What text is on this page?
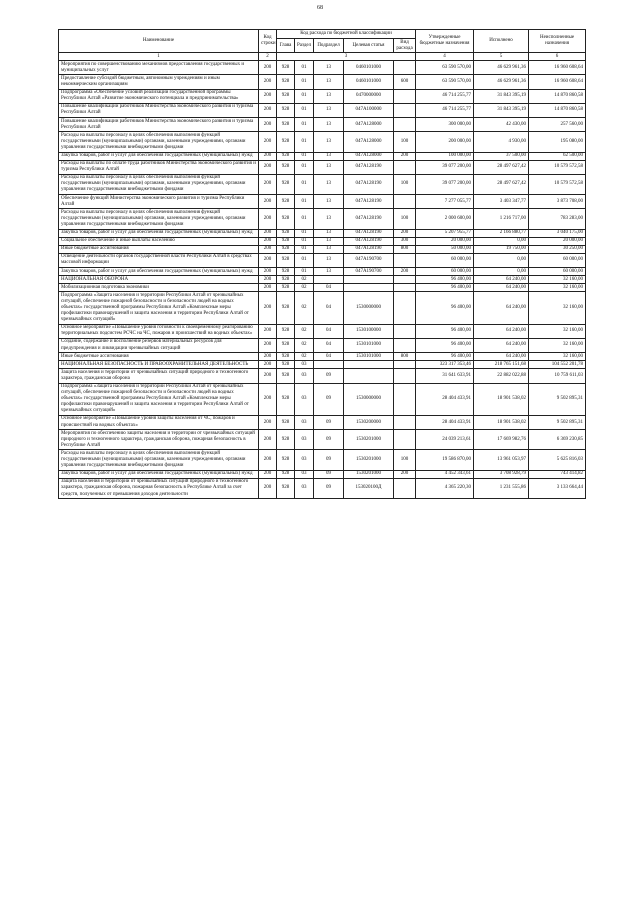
68
Наименование	Код строки	Код расхода по бюджетной классификации					Утвержденные бюджетные назначения	Исполнено	Неисполненные назначения
		Глава	Раздел	Подраздел	Целевая статья	Вид расхода			
1	2	3					4	5	6
Мероприятия по совершенствованию механизмов предоставления государственных и муниципальных услуг	200	928	01	13	0460101000		63 590 570,00	46 629 961,36	16 960 608,64
Предоставление субсидий бюджетным, автономным учреждениям и иным некоммерческим организациям	200	928	01	13	0460101000	600	63 590 570,00	46 629 961,36	16 960 608,64
Подпрограмма «Обеспечение условий реализации государственной программы Республики Алтай «Развитие экономического потенциала и предпринимательства»	200	928	01	13	0470000000		46 714 255,77	31 843 395,19	14 870 860,58
Повышение квалификации работников Министерства экономического развития и туризма Республики Алтай	200	928	01	13	047А100000		46 714 255,77	31 843 395,19	14 870 860,58
Повышение квалификации работников Министерства экономического развития и туризма Республики Алтай	200	928	01	13	047А128000		300 000,00	42 430,00	257 560,00
Расходы на выплаты персоналу в целях обеспечения выполнения функций государственными (муниципальными) органами, казенными учреждениями, органами управления государственными внебюджетными фондами	200	928	01	13	047А128000	100	200 000,00	4 930,00	195 080,00
Закупка товаров, работ и услуг для обеспечения государственных (муниципальных) нужд	200	928	01	13	047А128000	200	100 000,00	37 500,00	62 500,00
Расходы на выплаты по оплате труда работников Министерства экономического развития и туризма Республики Алтай	200	928	01	13	047А128190		39 077 200,00	28 497 627,42	10 579 572,58
Расходы на выплаты персоналу в целях обеспечения выполнения функций государственными (муниципальными) органами, казенными учреждениями, органами управления государственными внебюджетными фондами	200	928	01	13	047А128190	100	39 077 200,00	28 497 627,42	10 579 572,58
Обеспечение функций Министерства экономического развития и туризма Республики Алтай	200	928	01	13	047А128190		7 277 055,77	3 403 347,77	3 873 708,00
Расходы на выплаты персоналу в целях обеспечения выполнения функций государственными (муниципальными) органами, казенными учреждениями, органами управления государственными внебюджетными фондами	200	928	01	13	047А128190	100	2 000 600,00	1 216 717,00	783 283,00
Закупка товаров, работ и услуг для обеспечения государственных (муниципальных) нужд	200	928	01	13	047А128190	200	5 207 955,77	2 166 880,77	3 040 175,00
Социальное обеспечение и иные выплаты населению	200	928	01	13	047А128190	300	20 000,00	0,00	20 000,00
Иные бюджетные ассигнования	200	928	01	13	047А128190	800	50 000,00	19 750,00	30 250,00
Освещение деятельности органов государственной власти Республики Алтай в средствах массовой информации	200	928	01	13	047А190700		60 000,00	0,00	60 000,00
Закупка товаров, работ и услуг для обеспечения государственных (муниципальных) нужд	200	928	01	13	047А190700	200	60 000,00	0,00	60 000,00
НАЦИОНАЛЬНАЯ ОБОРОНА	200	928	02				96 400,00	64 240,00	32 160,00
Мобилизационная подготовка экономики	200	928	02	04			96 400,00	64 240,00	32 160,00
Подпрограмма «Защита населения и территории Республики Алтай от чрезвычайных ситуаций, обеспечение пожарной безопасности и безопасности людей на водных объектах» государственной программы Республики Алтай «Комплексные меры профилактики правонарушений и защита населения и территории Республики Алтай от чрезвычайных ситуаций»	200	928	02	04	1530000000		96 400,00	64 240,00	32 160,00
Основное мероприятие «Повышение уровня готовности к своевременному реагированию территориальных подсистем РСЧС на ЧС, пожаров и происшествий на водных объектах»	200	928	02	04	1530100000		96 400,00	64 240,00	32 160,00
Создание, содержание и восполнение резервов материальных ресурсов для предупреждения и ликвидации чрезвычайных ситуаций	200	928	02	04	1530101000		96 400,00	64 240,00	32 160,00
Иные бюджетные ассигнования	200	928	02	04	1530101000	800	96 400,00	64 240,00	32 160,00
НАЦИОНАЛЬНАЯ БЕЗОПАСНОСТЬ И ПРАВООХРАНИТЕЛЬНАЯ ДЕЯТЕЛЬНОСТЬ	200	928	03				323 317 353,46	218 765 151,68	104 552 201,78
Защита населения и территории от чрезвычайных ситуаций природного и техногенного характера, гражданская оборона	200	928	03	09			31 641 633,91	22 882 022,88	10 759 611,03
Подпрограмма «Защита населения и территории Республики Алтай от чрезвычайных ситуаций, обеспечение пожарной безопасности и безопасности людей на водных объектах» государственной программы Республики Алтай «Комплексные меры профилактики правонарушений и защита населения и территории Республики Алтай от чрезвычайных ситуаций»	200	928	03	09	1530000000		28 404 433,91	18 901 538,02	9 502 895,31
Основное мероприятие «Повышение уровня защиты населения от ЧС, пожаров и происшествий на водных объектах»	200	928	03	09	1530200000		28 404 433,91	18 901 538,02	9 502 895,31
Мероприятия по обеспечению защиты населения и территории от чрезвычайных ситуаций природного и техногенного характера, гражданская оборона, пожарная безопасность в Республике Алтай	200	928	03	09	1530201000		24 039 213,61	17 669 982,76	6 369 230,85
Расходы на выплаты персоналу в целях обеспечения выполнения функций государственными (муниципальными) органами, казенными учреждениями, органами управления государственными внебюджетными фондами	200	928	03	09	1530201000	100	19 586 870,00	13 961 053,97	5 625 816,03
Закупка товаров, работ и услуг для обеспечения государственных (муниципальных) нужд	200	928	03	09	1530201000	200	4 452 343,61	3 708 928,79	743 414,82
Защита населения и территории от чрезвычайных ситуаций природного и техногенного характера, гражданская оборона, пожарная безопасность в Республике Алтай за счет средств, полученных от превышения доходов деятельности	200	928	03	09	153020100Д		4 365 220,30	1 231 555,86	3 133 664,44
